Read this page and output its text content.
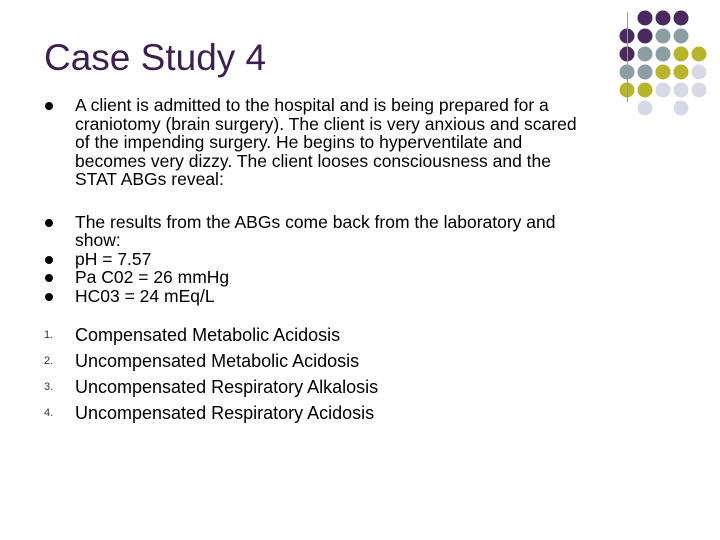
Case Study 4
A client is admitted to the hospital and is being prepared for a
craniotomy (brain surgery). The client is very anxious and scared
of the impending surgery. He begins to hyperventilate and
becomes very dizzy. The client looses consciousness and the
STAT ABGs reveal:
The results from the ABGs come back from the laboratory and
show:
pH = 7.57
Pa C02 = 26 mmHg
HC03 = 24 mEq/L
1.	Compensated Metabolic Acidosis
2.	Uncompensated Metabolic Acidosis
3.	Uncompensated Respiratory Alkalosis
4.	Uncompensated Respiratory Acidosis
